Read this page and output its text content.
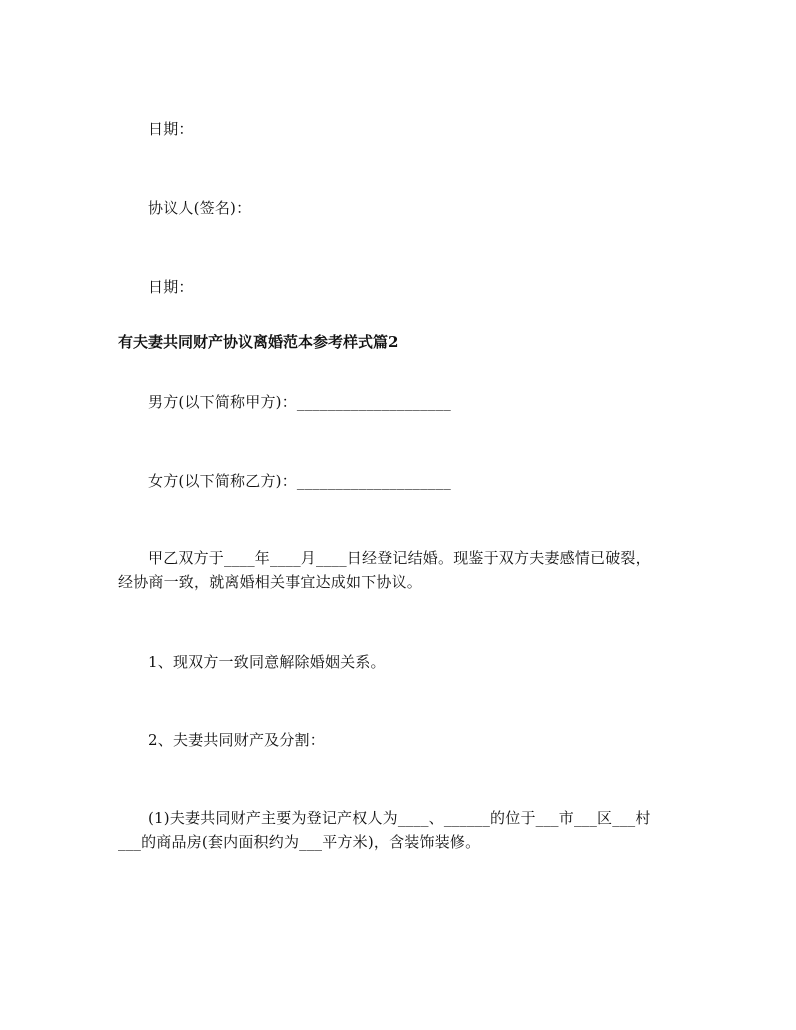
日期：
协议人(签名)：
日期：
有夫妻共同财产协议离婚范本参考样式篇2
男方(以下简称甲方)：____________________
女方(以下简称乙方)：____________________
甲乙双方于____年____月____日经登记结婚。现鉴于双方夫妻感情已破裂，
经协商一致，就离婚相关事宜达成如下协议。
1、现双方一致同意解除婚姻关系。
2、夫妻共同财产及分割：
(1)夫妻共同财产主要为登记产权人为____、______的位于___市___区___村
___的商品房(套内面积约为___平方米)，含装饰装修。
